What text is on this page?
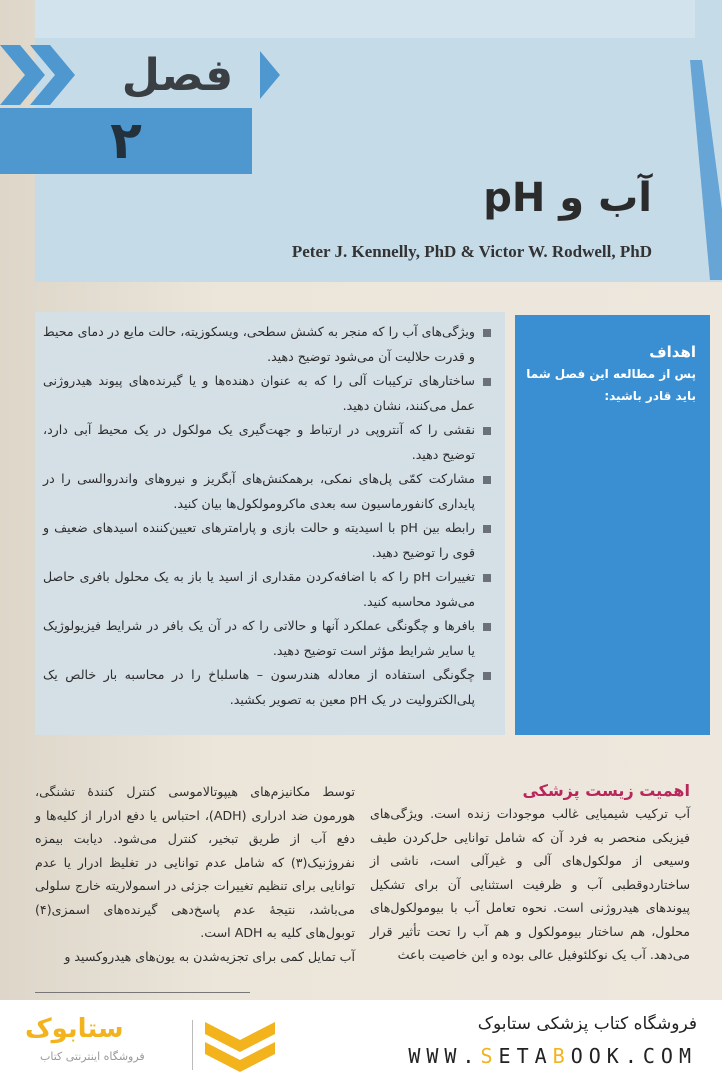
فصل
۲
آب و pH
Peter J. Kennelly, PhD & Victor W. Rodwell, PhD
ویژگی‌های آب را که منجر به کشش سطحی، ویسکوزیته، حالت مایع در دمای محیط و قدرت حلالیت آن می‌شود توضیح دهید.
ساختارهای ترکیبات آلی را که به عنوان دهنده‌ها و یا گیرنده‌های پیوند هیدروژنی عمل می‌کنند، نشان دهید.
نقشی را که آنتروپی در ارتباط و جهت‌گیری یک مولکول در یک محیط آبی دارد، توضیح دهید.
مشارکت کمّی پل‌های نمکی، برهمکنش‌های آبگریز و نیروهای واندروالسی را در پایداری کانفورماسیون سه بعدی ماکرومولکول‌ها بیان کنید.
رابطه بین pH با اسیدیته و حالت بازی و پارامترهای تعیین‌کننده اسیدهای ضعیف و قوی را توضیح دهید.
تغییرات pH را که با اضافه‌کردن مقداری از اسید یا باز به یک محلول بافری حاصل می‌شود محاسبه کنید.
بافرها و چگونگی عملکرد آنها و حالاتی را که در آن یک بافر در شرایط فیزیولوژیک یا سایر شرایط مؤثر است توضیح دهید.
چگونگی استفاده از معادله هندرسون – هاسلباخ را در محاسبه بار خالص یک پلی‌الکترولیت در یک pH معین به تصویر بکشید.
اهداف

پس از مطالعه این فصل شما باید قادر باشید:

اهمیت زیست پزشکی

آب ترکیب شیمیایی غالب موجودات زنده است. ویژگی‌های فیزیکی منحصر به فرد آن که شامل توانایی حل‌کردن طیف وسیعی از مولکول‌های آلی و غیرآلی است، ناشی از ساختاردوقطبی آب و ظرفیت استثنایی آن برای تشکیل پیوندهای هیدروژنی است. نحوه تعامل آب با بیومولکول‌های محلول، هم ساختار بیومولکول و هم آب را تحت تأثیر قرار می‌دهد. آب یک نوکلئوفیل عالی بوده و این خاصیت باعث

توسط مکانیزم‌های هیپوتالاموسی کنترل کنندهٔ تشنگی، هورمون ضد ادراری (ADH)، احتباس یا دفع ادرار از کلیه‌ها و دفع آب از طریق تبخیر، کنترل می‌شود. دیابت بیمزه نفروژنیک(۳) که شامل عدم توانایی در تغلیظ ادرار یا عدم توانایی برای تنظیم تغییرات جزئی در اسمولاریته خارج سلولی می‌باشد، نتیجهٔ عدم پاسخ‌دهی گیرنده‌های اسمزی(۴) توبول‌های کلیه به ADH است.

آب تمایل کمی برای تجزیه‌شدن به یون‌های هیدروکسید و

ستابوک
فروشگاه اینترنتی کتاب
فروشگاه کتاب پزشکی ستابوک
WWW.SETABOOK.COM
